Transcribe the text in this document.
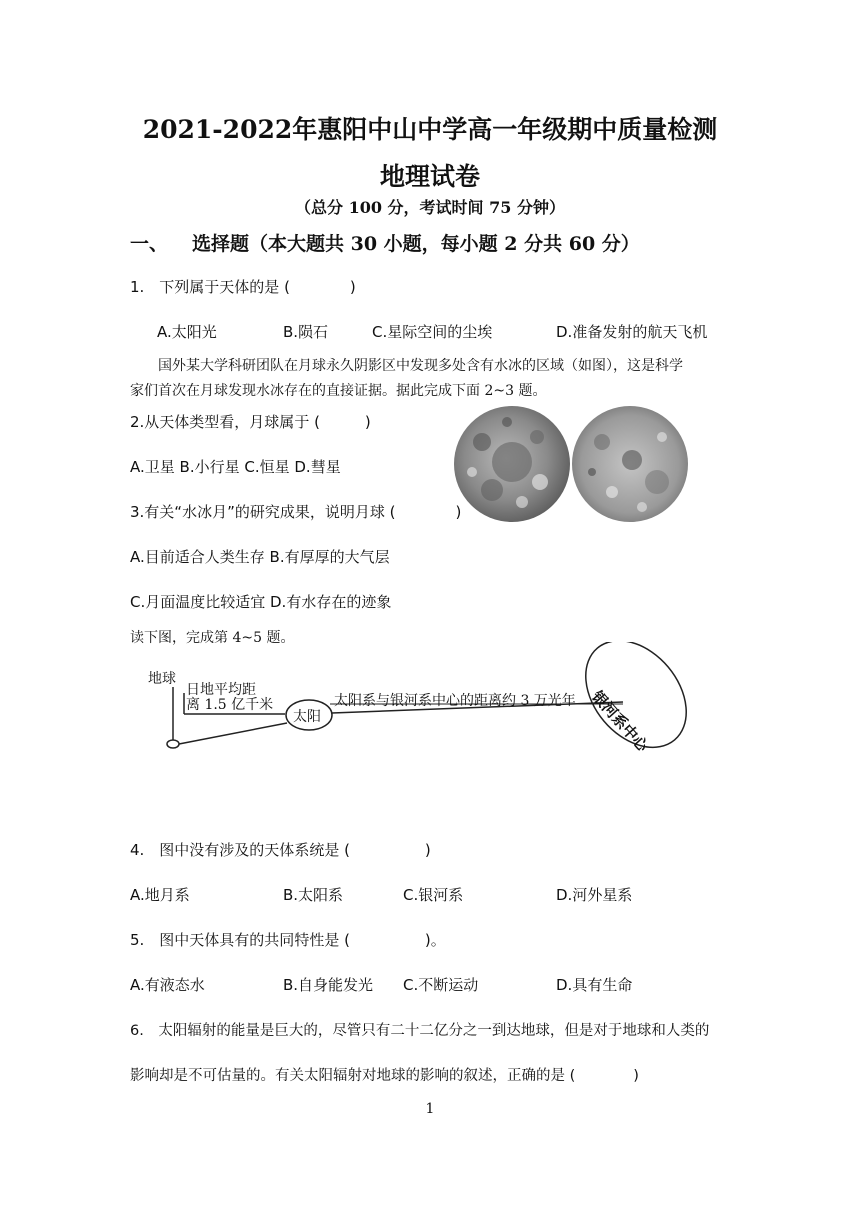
2021-2022年惠阳中山中学高一年级期中质量检测
地理试卷
（总分 100 分，考试时间 75 分钟）
一、 选择题（本大题共 30 小题，每小题 2 分共 60 分）
1.　下列属于天体的是 (　　　　)
A.太阳光	B.陨石	C.星际空间的尘埃	D.准备发射的航天飞机
国外某大学科研团队在月球永久阴影区中发现多处含有水冰的区域（如图），这是科学
家们首次在月球发现水冰存在的直接证据。据此完成下面 2~3 题。
2.从天体类型看，月球属于 (　　　)
A.卫星 B.小行星 C.恒星 D.彗星
3.有关“水冰月”的研究成果，说明月球 (　　　　)
A.目前适合人类生存 B.有厚厚的大气层
C.月面温度比较适宜 D.有水存在的迹象
读下图，完成第 4~5 题。
地球
日地平均距
离 1.5 亿千米
太阳
太阳系与银河系中心的距离约 3 万光年 银河系中心
4.　图中没有涉及的天体系统是 (　　　　　)
A.地月系	B.太阳系	C.银河系	D.河外星系
5.　图中天体具有的共同特性是 (　　　　　)。
A.有液态水	B.自身能发光 C.不断运动	D.具有生命
6.　太阳辐射的能量是巨大的，尽管只有二十二亿分之一到达地球，但是对于地球和人类的
影响却是不可估量的。有关太阳辐射对地球的影响的叙述，正确的是 (　　　　)
1
